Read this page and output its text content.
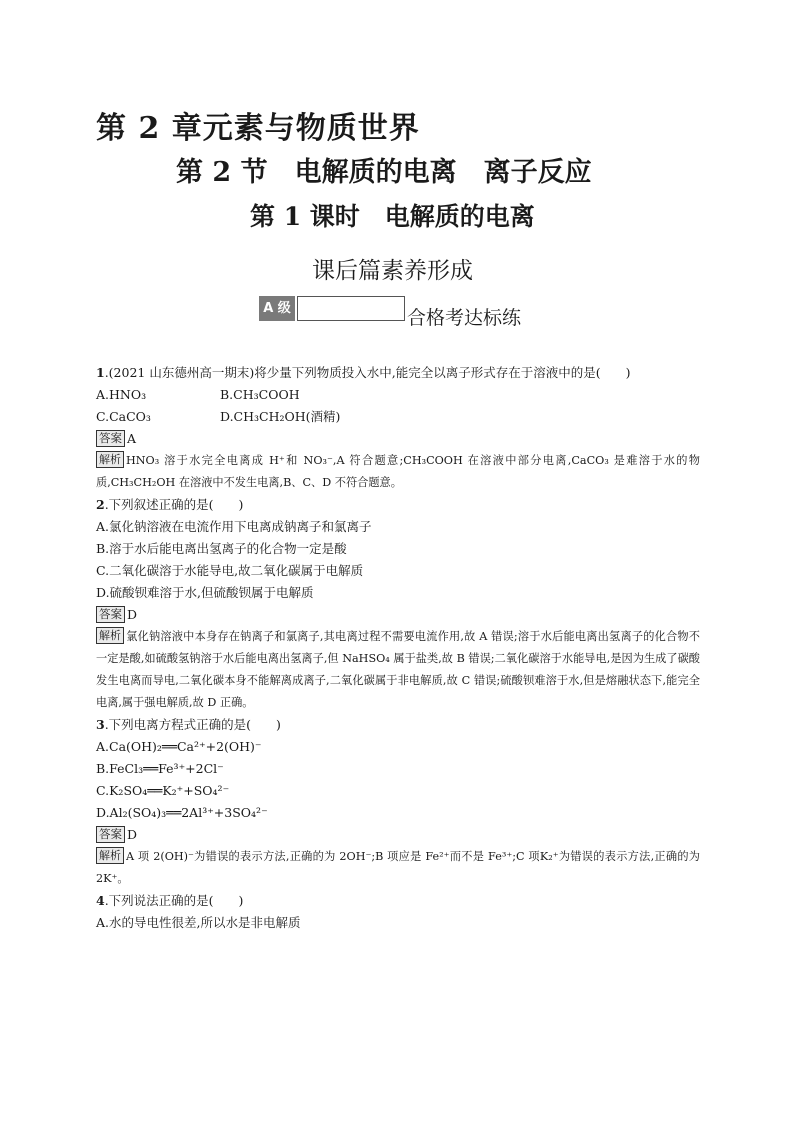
第 2 章元素与物质世界
第 2 节　电解质的电离　离子反应
第 1 课时　电解质的电离
课后篇素养形成
A 级	合格考达标练
1.(2021 山东德州高一期末)将少量下列物质投入水中,能完全以离子形式存在于溶液中的是(　　)
A.HNO₃	B.CH₃COOH
C.CaCO₃	D.CH₃CH₂OH(酒精)
答案 A
解析 HNO₃ 溶于水完全电离成 H⁺和 NO₃⁻,A 符合题意;CH₃COOH 在溶液中部分电离,CaCO₃ 是难溶于水的物质,CH₃CH₂OH 在溶液中不发生电离,B、C、D 不符合题意。
2.下列叙述正确的是(　　)
A.氯化钠溶液在电流作用下电离成钠离子和氯离子
B.溶于水后能电离出氢离子的化合物一定是酸
C.二氧化碳溶于水能导电,故二氧化碳属于电解质
D.硫酸钡难溶于水,但硫酸钡属于电解质
答案 D
解析 氯化钠溶液中本身存在钠离子和氯离子,其电离过程不需要电流作用,故 A 错误;溶于水后能电离出氢离子的化合物不一定是酸,如硫酸氢钠溶于水后能电离出氢离子,但 NaHSO₄ 属于盐类,故 B 错误;二氧化碳溶于水能导电,是因为生成了碳酸发生电离而导电,二氧化碳本身不能解离成离子,二氧化碳属于非电解质,故 C 错误;硫酸钡难溶于水,但是熔融状态下,能完全电离,属于强电解质,故 D 正确。
3.下列电离方程式正确的是(　　)
A.Ca(OH)₂══Ca²⁺+2(OH)⁻
B.FeCl₃══Fe³⁺+2Cl⁻
C.K₂SO₄══K₂⁺+SO₄²⁻
D.Al₂(SO₄)₃══2Al³⁺+3SO₄²⁻
答案 D
解析 A 项 2(OH)⁻为错误的表示方法,正确的为 2OH⁻;B 项应是 Fe²⁺而不是 Fe³⁺;C 项K₂⁺为错误的表示方法,正确的为 2K⁺。
4.下列说法正确的是(　　)
A.水的导电性很差,所以水是非电解质
